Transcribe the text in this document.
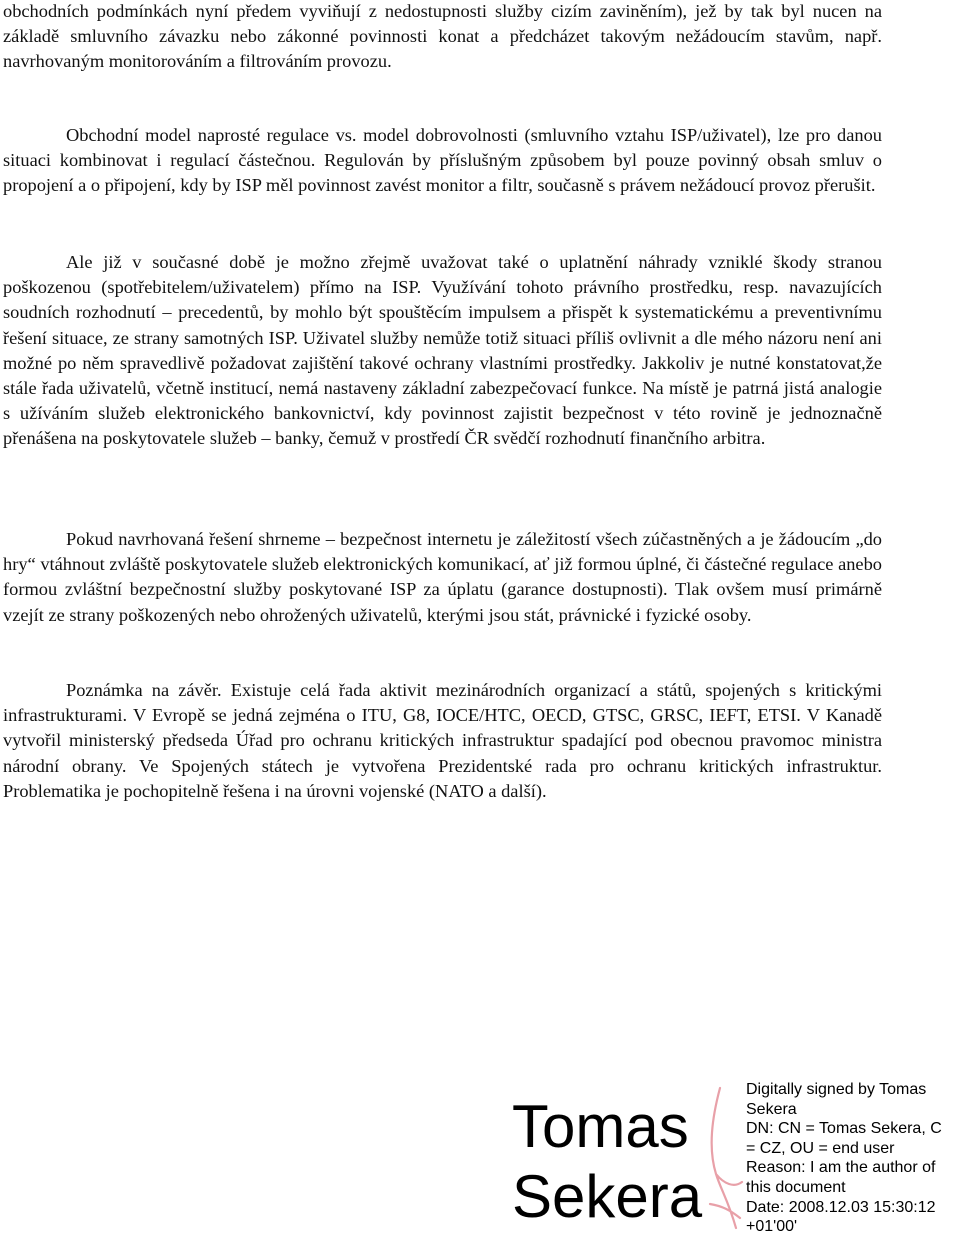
obchodních podmínkách nyní předem vyviňují z nedostupnosti služby cizím zaviněním), jež by tak byl nucen na základě smluvního závazku nebo zákonné povinnosti konat a předcházet takovým nežádoucím stavům, např. navrhovaným monitorováním a filtrováním provozu.

Obchodní model naprosté regulace vs. model dobrovolnosti (smluvního vztahu ISP/uživatel), lze pro danou situaci kombinovat i regulací částečnou. Regulován by příslušným způsobem byl pouze povinný obsah smluv o propojení a o připojení, kdy by ISP měl povinnost zavést monitor a filtr, současně s právem nežádoucí provoz přerušit.

Ale již v současné době je možno zřejmě uvažovat také o uplatnění náhrady vzniklé škody stranou poškozenou (spotřebitelem/uživatelem) přímo na ISP. Využívání tohoto právního prostředku, resp. navazujících soudních rozhodnutí – precedentů, by mohlo být spouštěcím impulsem a přispět k systematickému a preventivnímu řešení situace, ze strany samotných ISP. Uživatel služby nemůže totiž situaci příliš ovlivnit a dle mého názoru není ani možné po něm spravedlivě požadovat zajištění takové ochrany vlastními prostředky. Jakkoliv je nutné konstatovat,že stále řada uživatelů, včetně institucí, nemá nastaveny základní zabezpečovací funkce. Na místě je patrná jistá analogie s užíváním služeb elektronického bankovnictví, kdy povinnost zajistit bezpečnost v této rovině je jednoznačně přenášena na poskytovatele služeb – banky, čemuž v prostředí ČR svědčí rozhodnutí finančního arbitra.

Pokud navrhovaná řešení shrneme – bezpečnost internetu je záležitostí všech zúčastněných a je žádoucím „do hry“ vtáhnout zvláště poskytovatele služeb elektronických komunikací, ať již formou úplné, či částečné regulace anebo formou zvláštní bezpečnostní služby poskytované ISP za úplatu (garance dostupnosti). Tlak ovšem musí primárně vzejít ze strany poškozených nebo ohrožených uživatelů, kterými jsou stát, právnické i fyzické osoby.

Poznámka na závěr. Existuje celá řada aktivit mezinárodních organizací a států, spojených s kritickými infrastrukturami. V Evropě se jedná zejména o ITU, G8, IOCE/HTC, OECD, GTSC, GRSC, IEFT, ETSI. V Kanadě vytvořil ministerský předseda Úřad pro ochranu kritických infrastruktur spadající pod obecnou pravomoc ministra národní obrany. Ve Spojených státech je vytvořena Prezidentské rada pro ochranu kritických infrastruktur. Problematika je pochopitelně řešena i na úrovni vojenské (NATO a další).

Tomas
Sekera
Digitally signed by Tomas
Sekera
DN: CN = Tomas Sekera, C
= CZ, OU = end user
Reason: I am the author of
this document
Date: 2008.12.03 15:30:12
+01'00'
